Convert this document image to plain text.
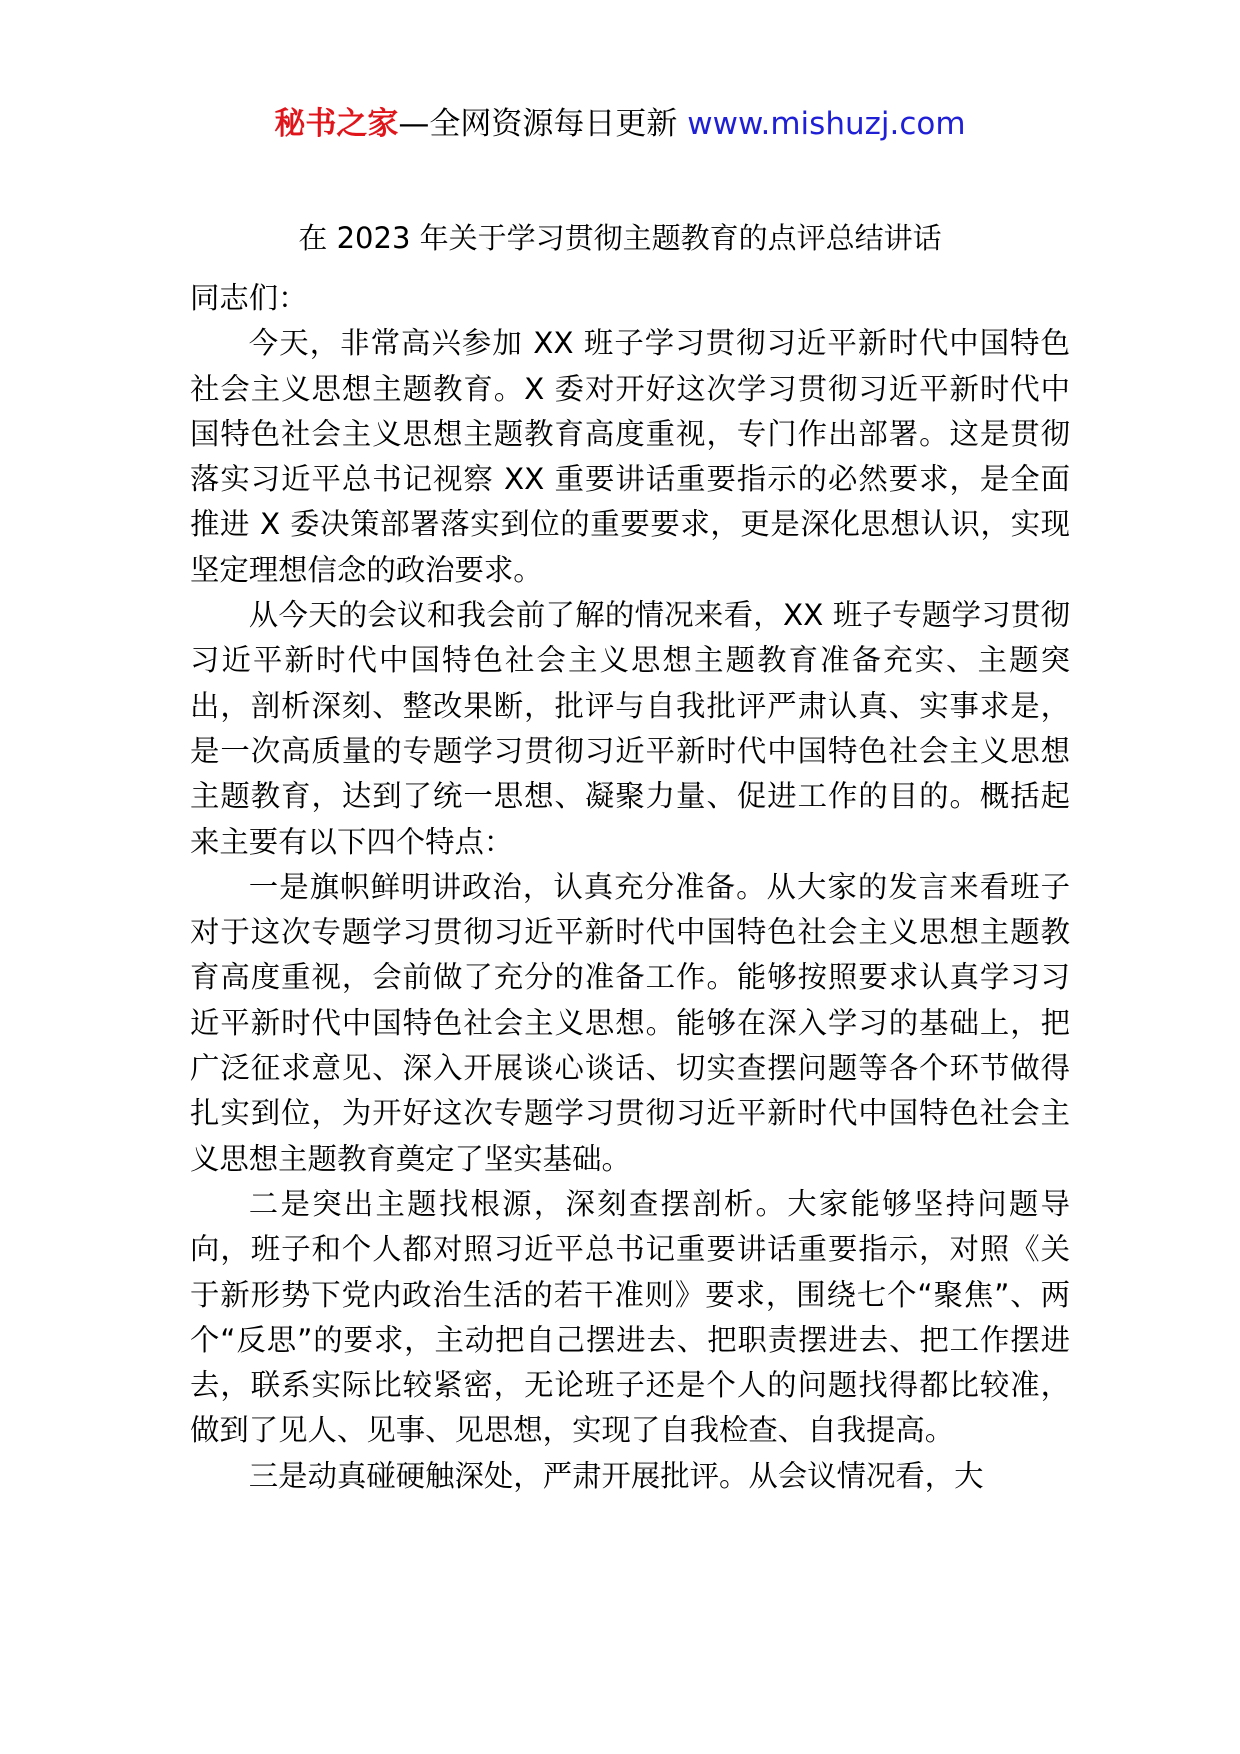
秘书之家—全网资源每日更新 www.mishuzj.com
在 2023 年关于学习贯彻主题教育的点评总结讲话

同志们：

今天，非常高兴参加 XX 班子学习贯彻习近平新时代中国特色社会主义思想主题教育。X 委对开好这次学习贯彻习近平新时代中国特色社会主义思想主题教育高度重视，专门作出部署。这是贯彻落实习近平总书记视察 XX 重要讲话重要指示的必然要求，是全面推进 X 委决策部署落实到位的重要要求，更是深化思想认识，实现坚定理想信念的政治要求。

从今天的会议和我会前了解的情况来看，XX 班子专题学习贯彻习近平新时代中国特色社会主义思想主题教育准备充实、主题突出，剖析深刻、整改果断，批评与自我批评严肃认真、实事求是，是一次高质量的专题学习贯彻习近平新时代中国特色社会主义思想主题教育，达到了统一思想、凝聚力量、促进工作的目的。概括起来主要有以下四个特点：

一是旗帜鲜明讲政治，认真充分准备。从大家的发言来看班子对于这次专题学习贯彻习近平新时代中国特色社会主义思想主题教育高度重视，会前做了充分的准备工作。能够按照要求认真学习习近平新时代中国特色社会主义思想。能够在深入学习的基础上，把广泛征求意见、深入开展谈心谈话、切实查摆问题等各个环节做得扎实到位，为开好这次专题学习贯彻习近平新时代中国特色社会主义思想主题教育奠定了坚实基础。

二是突出主题找根源，深刻查摆剖析。大家能够坚持问题导向，班子和个人都对照习近平总书记重要讲话重要指示，对照《关于新形势下党内政治生活的若干准则》要求，围绕七个“聚焦”、两个“反思”的要求，主动把自己摆进去、把职责摆进去、把工作摆进去，联系实际比较紧密，无论班子还是个人的问题找得都比较准，做到了见人、见事、见思想，实现了自我检查、自我提高。

三是动真碰硬触深处，严肃开展批评。从会议情况看，大
